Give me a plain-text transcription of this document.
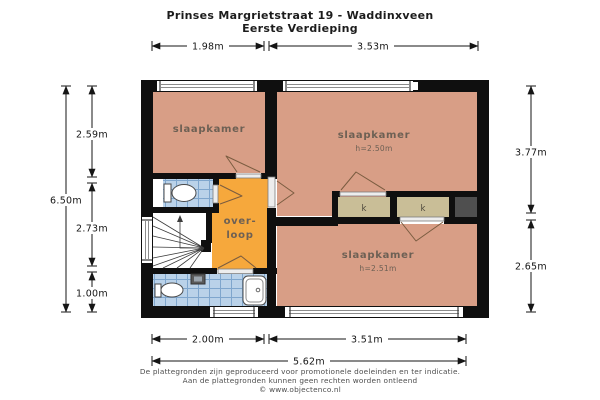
Prinses Margrietstraat 19 - Waddinxveen
Eerste Verdieping
slaapkamer
slaapkamer
h=2.50m
slaapkamer
h=2.51m
over-
loop
k	k
1.98m	3.53m
6.50m
2.59m
2.73m
1.00m
3.77m
2.65m
2.00m	3.51m
5.62m
De plattegronden zijn geproduceerd voor promotionele doeleinden en ter indicatie.
Aan de plattegronden kunnen geen rechten worden ontleend
© www.objectenco.nl
